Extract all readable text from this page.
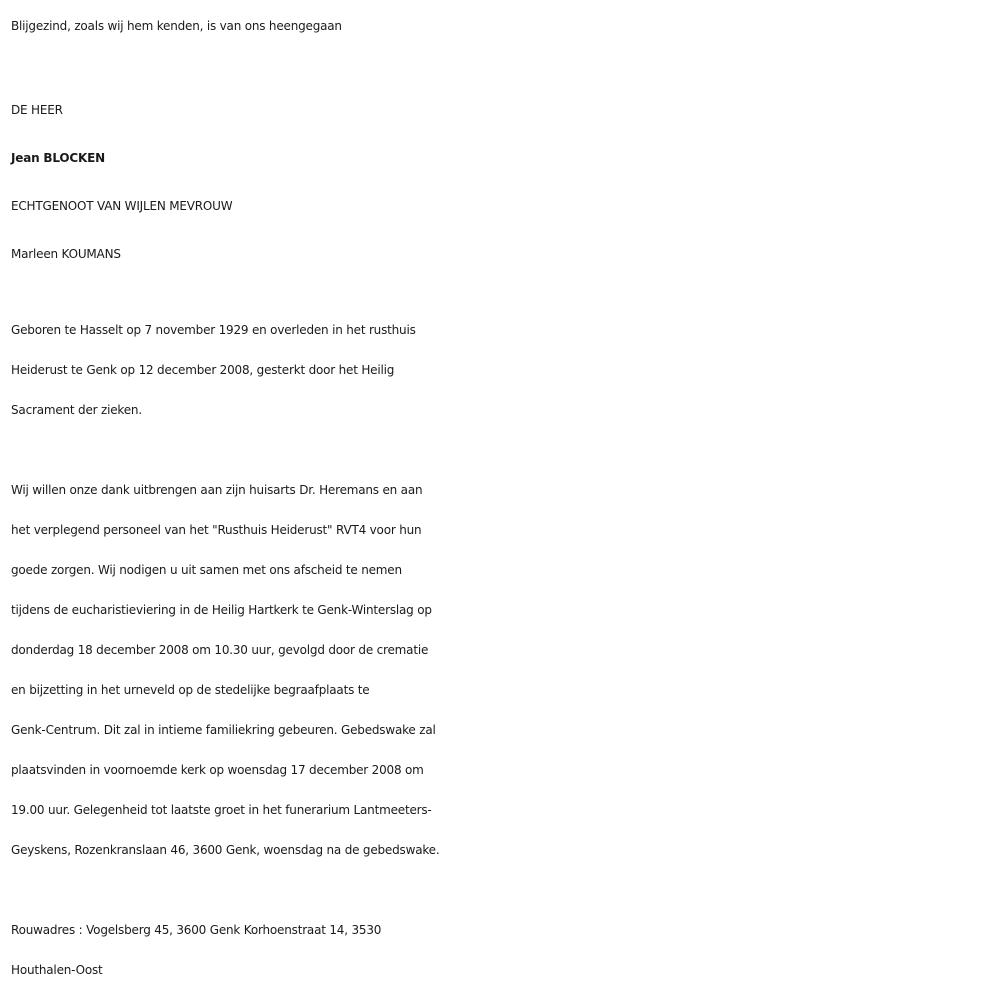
Blijgezind, zoals wij hem kenden, is van ons heengegaan
DE HEER
Jean BLOCKEN
ECHTGENOOT VAN WIJLEN MEVROUW
Marleen KOUMANS
Geboren te Hasselt op 7 november 1929 en overleden in het rusthuis
Heiderust te Genk op 12 december 2008, gesterkt door het Heilig
Sacrament der zieken.
Wij willen onze dank uitbrengen aan zijn huisarts Dr. Heremans en aan
het verplegend personeel van het "Rusthuis Heiderust" RVT4 voor hun
goede zorgen. Wij nodigen u uit samen met ons afscheid te nemen
tijdens de eucharistieviering in de Heilig Hartkerk te Genk-Winterslag op
donderdag 18 december 2008 om 10.30 uur, gevolgd door de crematie
en bijzetting in het urneveld op de stedelijke begraafplaats te
Genk-Centrum. Dit zal in intieme familiekring gebeuren. Gebedswake zal
plaatsvinden in voornoemde kerk op woensdag 17 december 2008 om
19.00 uur. Gelegenheid tot laatste groet in het funerarium Lantmeeters-
Geyskens, Rozenkranslaan 46, 3600 Genk, woensdag na de gebedswake.
Rouwadres : Vogelsberg 45, 3600 Genk Korhoenstraat 14, 3530
Houthalen-Oost
